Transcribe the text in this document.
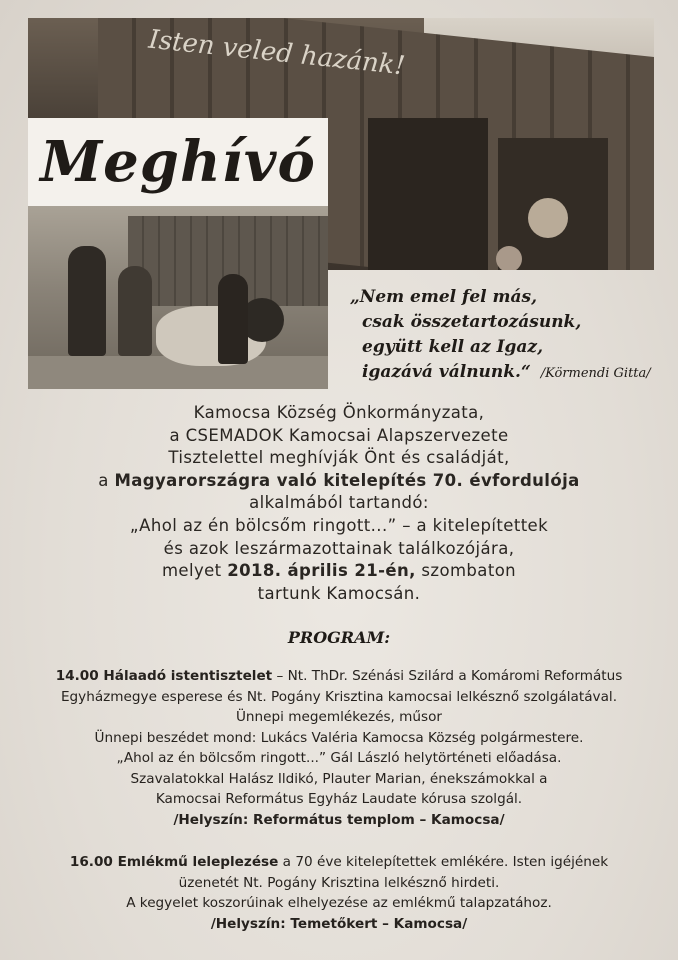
Isten veled hazánk!
Meghívó
„Nem emel fel más,
csak összetartozásunk,
együtt kell az Igaz,
igazává válnunk.“ /Körmendi Gitta/
Kamocsa Község Önkormányzata,
a CSEMADOK Kamocsai Alapszervezete
Tisztelettel meghívják Önt és családját,
a Magyarországra való kitelepítés 70. évfordulója
alkalmából tartandó:
„Ahol az én bölcsőm ringott...” – a kitelepítettek
és azok leszármazottainak találkozójára,
melyet 2018. április 21-én, szombaton
tartunk Kamocsán.
PROGRAM:
14.00 Hálaadó istentisztelet – Nt. ThDr. Szénási Szilárd a Komáromi Református
Egyházmegye esperese és Nt. Pogány Krisztina kamocsai lelkésznő szolgálatával.
Ünnepi megemlékezés, műsor
Ünnepi beszédet mond: Lukács Valéria Kamocsa Község polgármestere.
„Ahol az én bölcsőm ringott...” Gál László helytörténeti előadása.
Szavalatokkal Halász Ildikó, Plauter Marian, énekszámokkal a
Kamocsai Református Egyház Laudate kórusa szolgál.
/Helyszín: Református templom – Kamocsa/
16.00 Emlékmű leleplezése a 70 éve kitelepítettek emlékére. Isten igéjének
üzenetét Nt. Pogány Krisztina lelkésznő hirdeti.
A kegyelet koszorúinak elhelyezése az emlékmű talapzatához.
/Helyszín: Temetőkert – Kamocsa/
